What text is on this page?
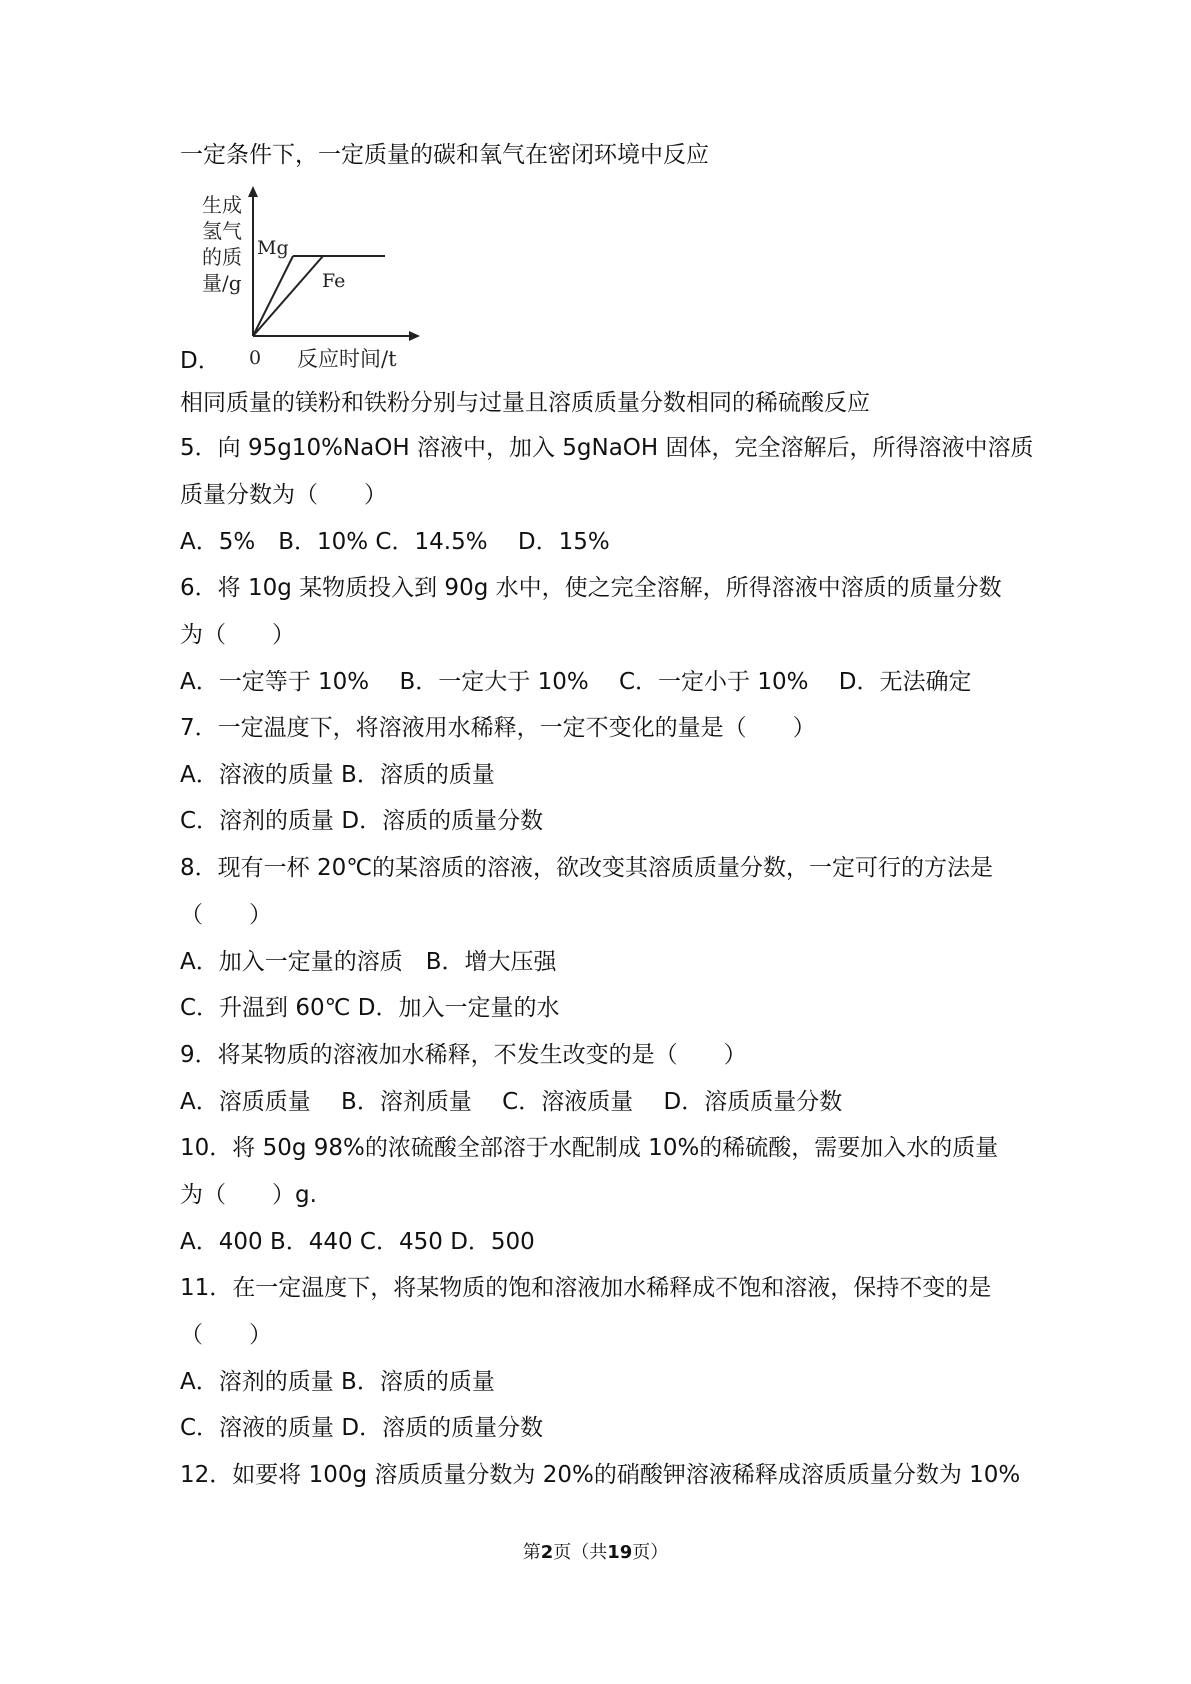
一定条件下，一定质量的碳和氧气在密闭环境中反应
D．
生成
氢气
的质
量/g
Mg
Fe
0 反应时间/t
相同质量的镁粉和铁粉分别与过量且溶质质量分数相同的稀硫酸反应
5．向 95g10%NaOH 溶液中，加入 5gNaOH 固体，完全溶解后，所得溶液中溶质
质量分数为（　　）
A．5%　B．10% C．14.5%　 D．15%
6．将 10g 某物质投入到 90g 水中，使之完全溶解，所得溶液中溶质的质量分数
为（　　）
A．一定等于 10%　 B．一定大于 10%　 C．一定小于 10%　 D．无法确定
7．一定温度下，将溶液用水稀释，一定不变化的量是（　　）
A．溶液的质量 B．溶质的质量
C．溶剂的质量 D．溶质的质量分数
8．现有一杯 20℃的某溶质的溶液，欲改变其溶质质量分数，一定可行的方法是
（　　）
A．加入一定量的溶质　B．增大压强
C．升温到 60℃ D．加入一定量的水
9．将某物质的溶液加水稀释，不发生改变的是（　　）
A．溶质质量　 B．溶剂质量　 C．溶液质量　 D．溶质质量分数
10．将 50g 98%的浓硫酸全部溶于水配制成 10%的稀硫酸，需要加入水的质量
为（　　）g.
A．400 B．440 C．450 D．500
11．在一定温度下，将某物质的饱和溶液加水稀释成不饱和溶液，保持不变的是
（　　）
A．溶剂的质量 B．溶质的质量
C．溶液的质量 D．溶质的质量分数
12．如要将 100g 溶质质量分数为 20%的硝酸钾溶液稀释成溶质质量分数为 10%
第2页（共19页）
